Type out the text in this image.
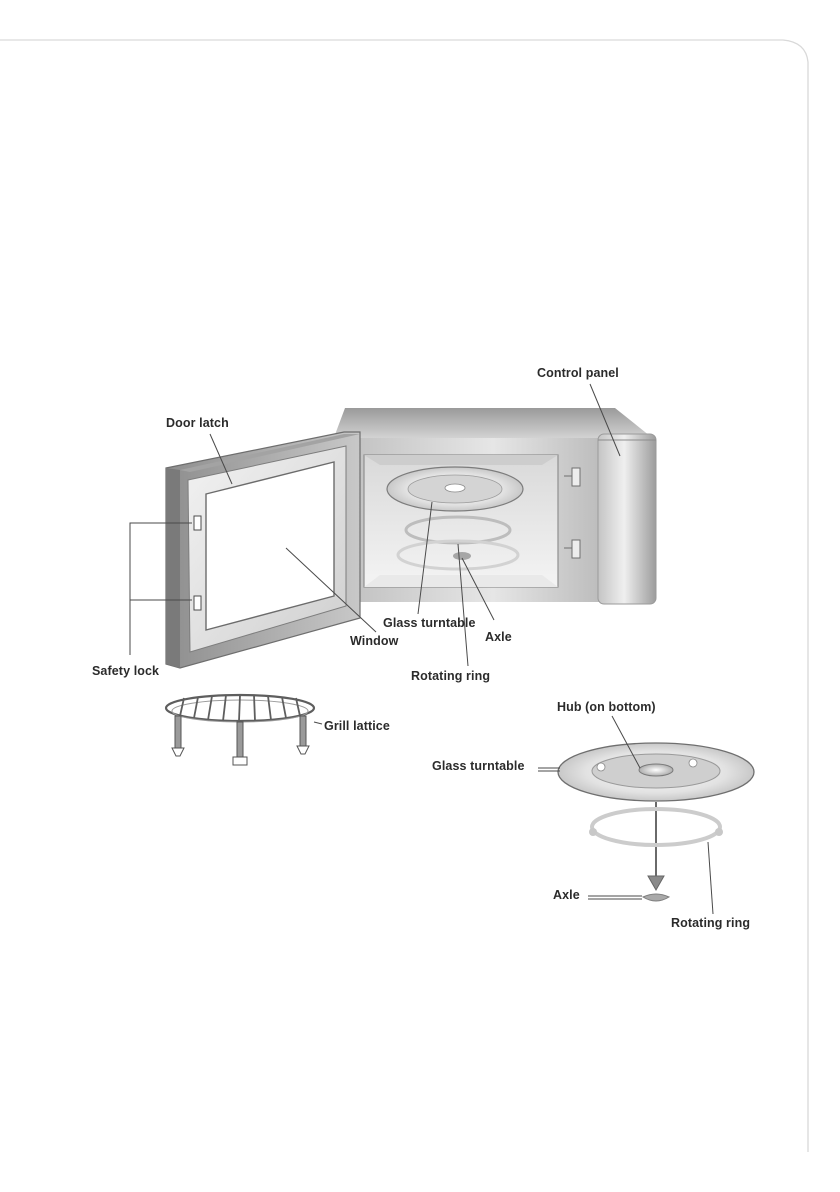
Control panel
Door latch
Safety lock
Window
Glass turntable
Axle
Rotating ring
Grill lattice
Hub (on bottom)
Glass turntable
Axle
Rotating ring
